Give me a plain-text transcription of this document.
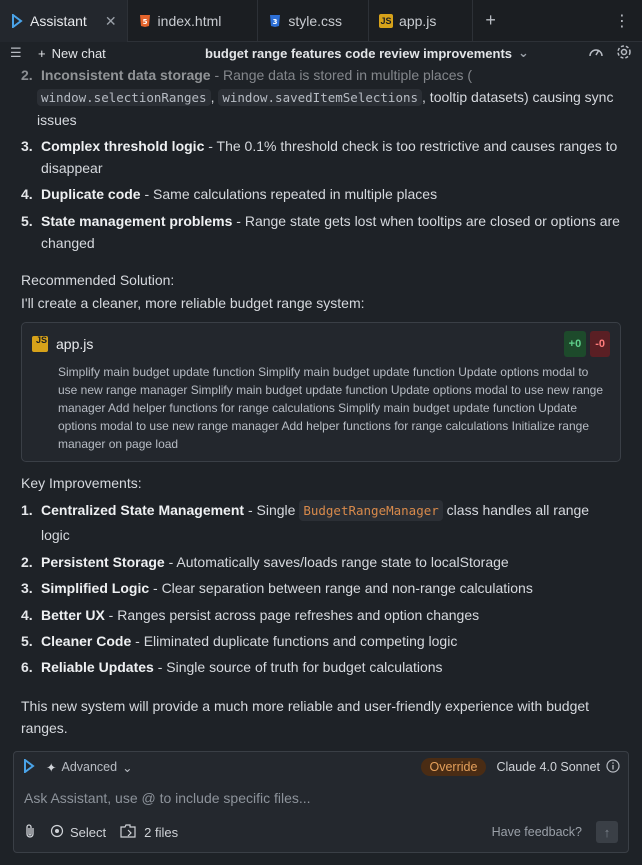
Assistant ✕	5 index.html	3 style.css	JS app.js	+	⋮
☰	+ New chat	budget range features code review improvements ⌄
2. Inconsistent data storage - Range data is stored in multiple places (
window.selectionRanges , window.savedItemSelections , tooltip datasets) causing sync issues
3. Complex threshold logic - The 0.1% threshold check is too restrictive and causes ranges to disappear
4. Duplicate code - Same calculations repeated in multiple places
5. State management problems - Range state gets lost when tooltips are closed or options are changed
Recommended Solution:
I'll create a cleaner, more reliable budget range system:
JS app.js	+0	-0
Simplify main budget update function Simplify main budget update function Update options modal to use new range manager Simplify main budget update function Update options modal to use new range manager Add helper functions for range calculations Simplify main budget update function Update options modal to use new range manager Add helper functions for range calculations Initialize range manager on page load
Key Improvements:
1. Centralized State Management - Single BudgetRangeManager class handles all range logic
2. Persistent Storage - Automatically saves/loads range state to localStorage
3. Simplified Logic - Clear separation between range and non-range calculations
4. Better UX - Ranges persist across page refreshes and option changes
5. Cleaner Code - Eliminated duplicate functions and competing logic
6. Reliable Updates - Single source of truth for budget calculations
This new system will provide a much more reliable and user-friendly experience with budget ranges.
✦ Advanced ⌄	Override	Claude 4.0 Sonnet
Ask Assistant, use @ to include specific files...
Select	2 files	Have feedback? ↑
